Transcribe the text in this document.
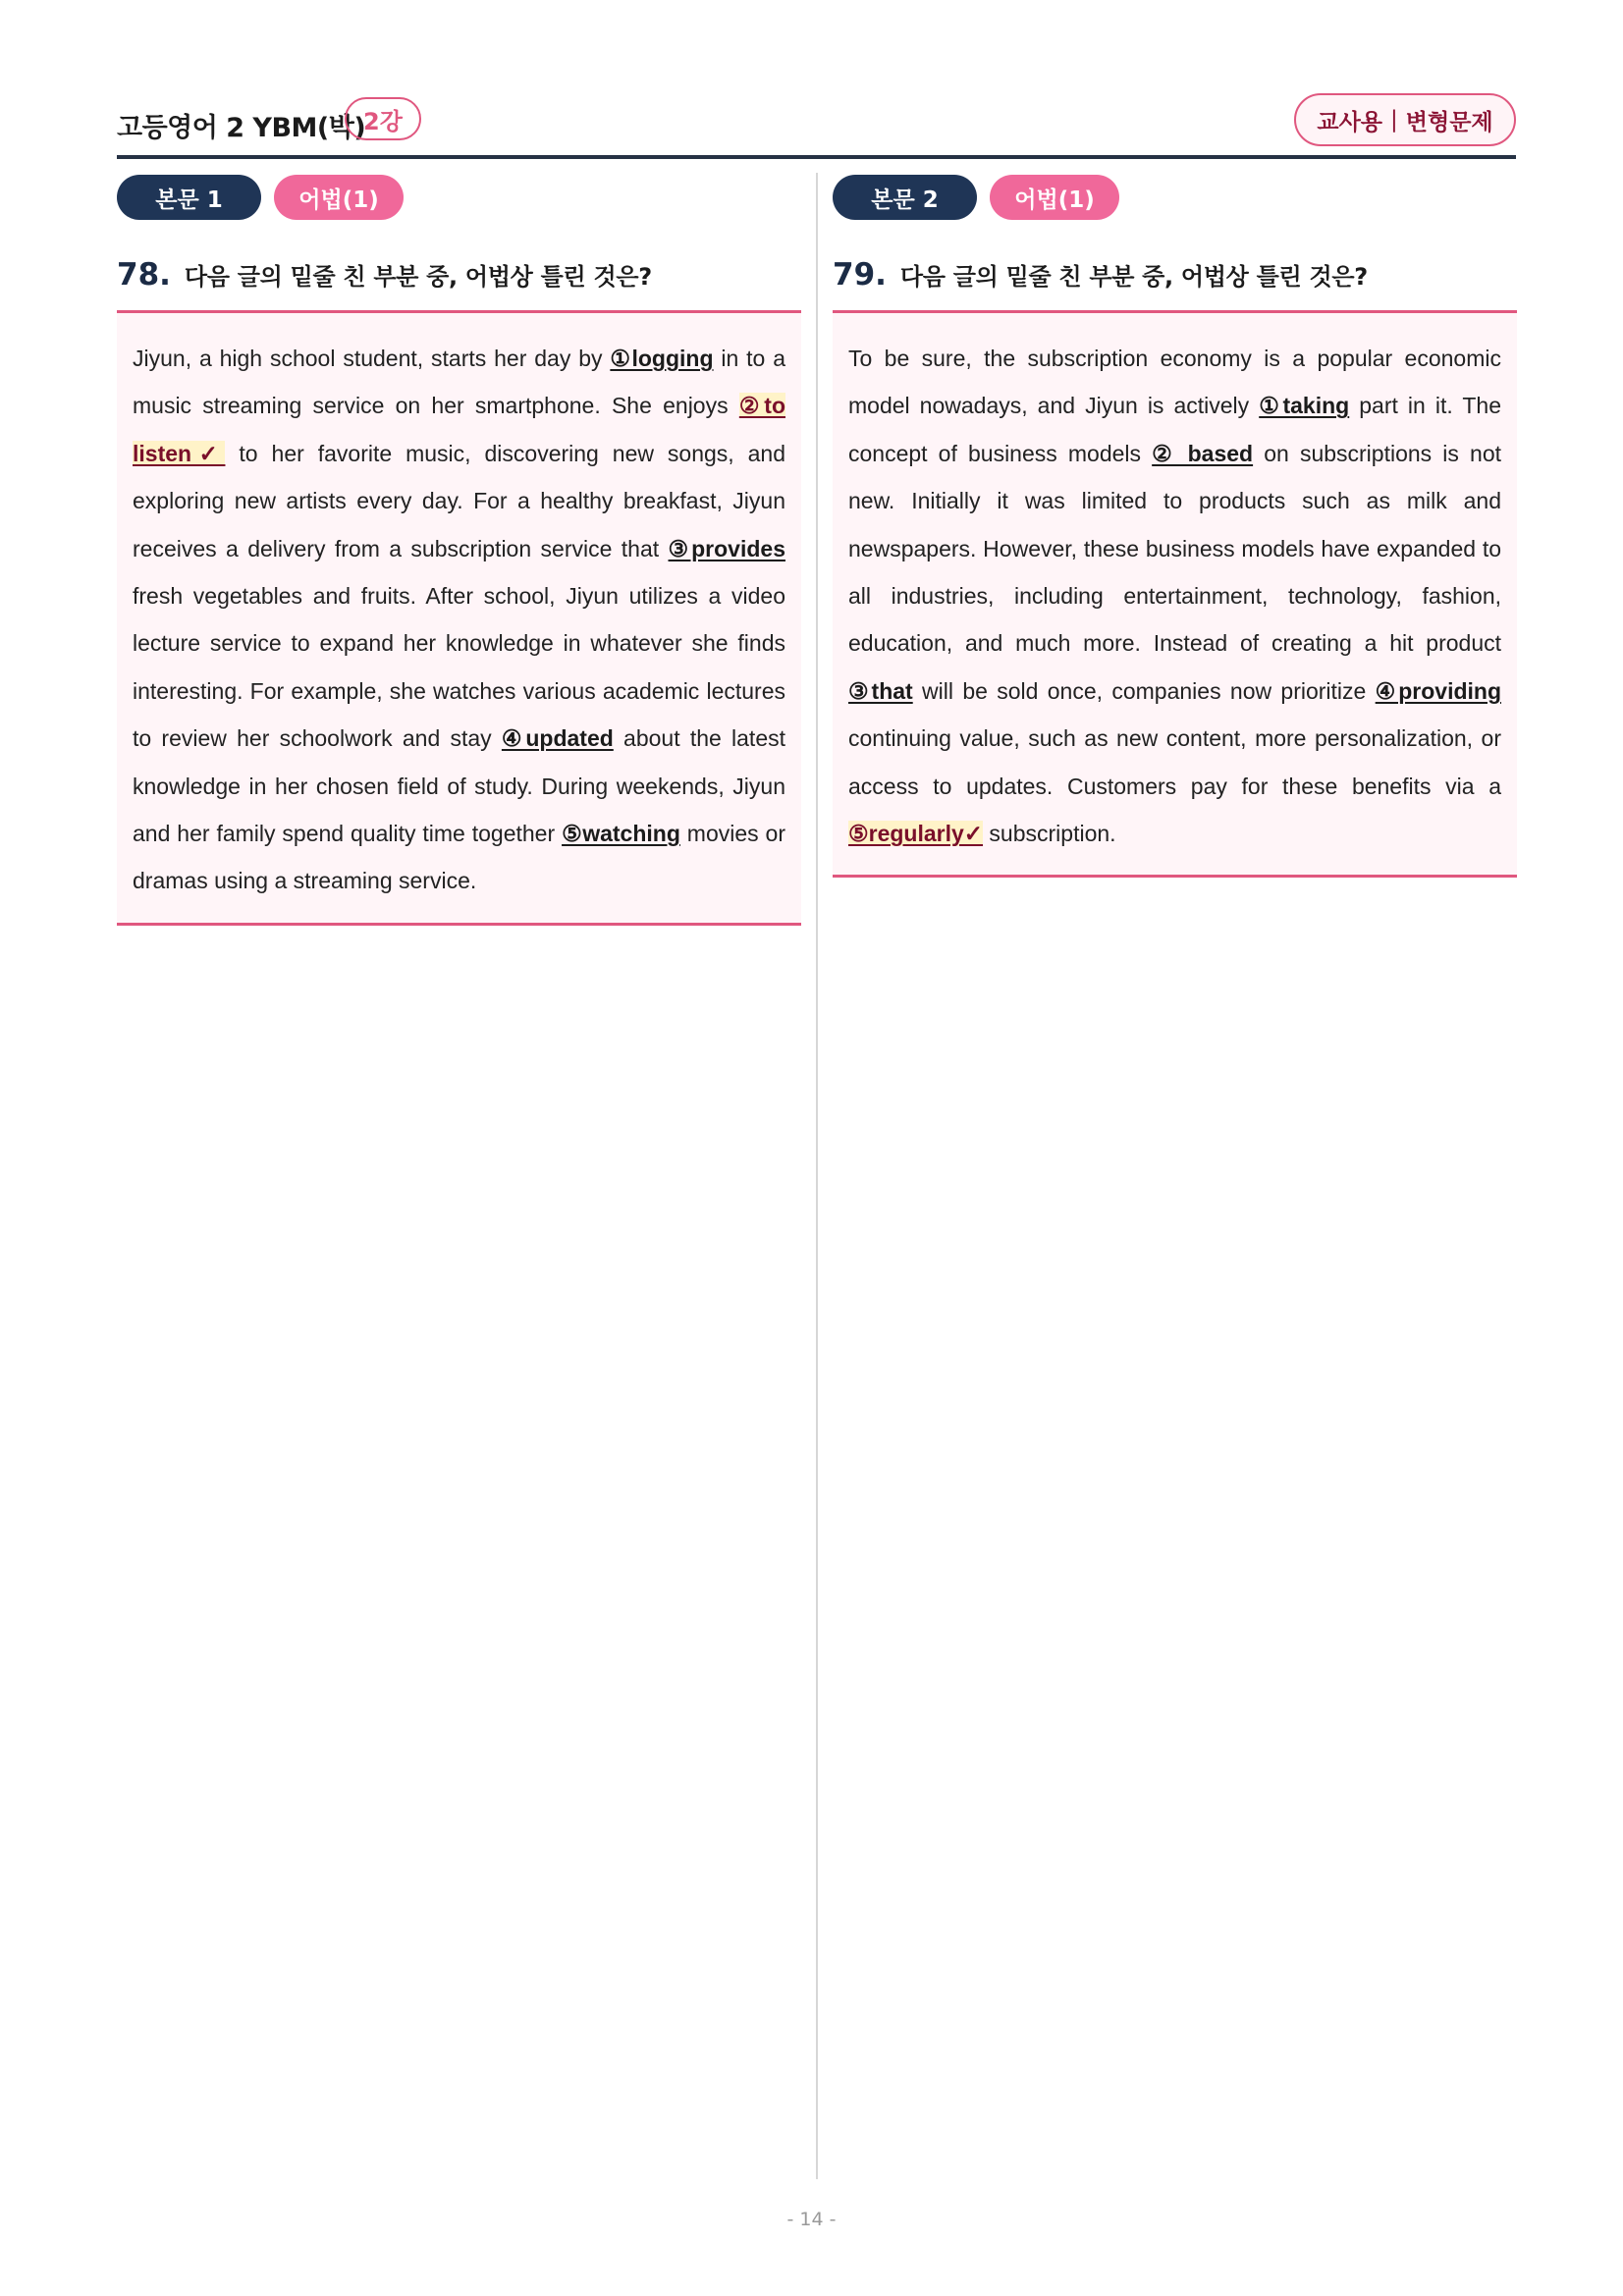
고등영어 2 YBM(박)
2강	교사용 | 변형문제
본문 1	어법(1)
78. 다음 글의 밑줄 친 부분 중, 어법상 틀린 것은?
Jiyun, a high school student, starts her day by ①logging in to a music streaming service on her smartphone. She enjoys ②to listen✓ to her favorite music, discovering new songs, and exploring new artists every day. For a healthy breakfast, Jiyun receives a delivery from a subscription service that ③provides fresh vegetables and fruits. After school, Jiyun utilizes a video lecture service to expand her knowledge in whatever she finds interesting. For example, she watches various academic lectures to review her schoolwork and stay ④updated about the latest knowledge in her chosen field of study. During weekends, Jiyun and her family spend quality time together ⑤watching movies or dramas using a streaming service.
본문 2	어법(1)
79. 다음 글의 밑줄 친 부분 중, 어법상 틀린 것은?
To be sure, the subscription economy is a popular economic model nowadays, and Jiyun is actively ①taking part in it. The concept of business models ② based on subscriptions is not new. Initially it was limited to products such as milk and newspapers. However, these business models have expanded to all industries, including entertainment, technology, fashion, education, and much more. Instead of creating a hit product ③that will be sold once, companies now prioritize ④providing continuing value, such as new content, more personalization, or access to updates. Customers pay for these benefits via a ⑤regularly✓ subscription.
- 14 -
